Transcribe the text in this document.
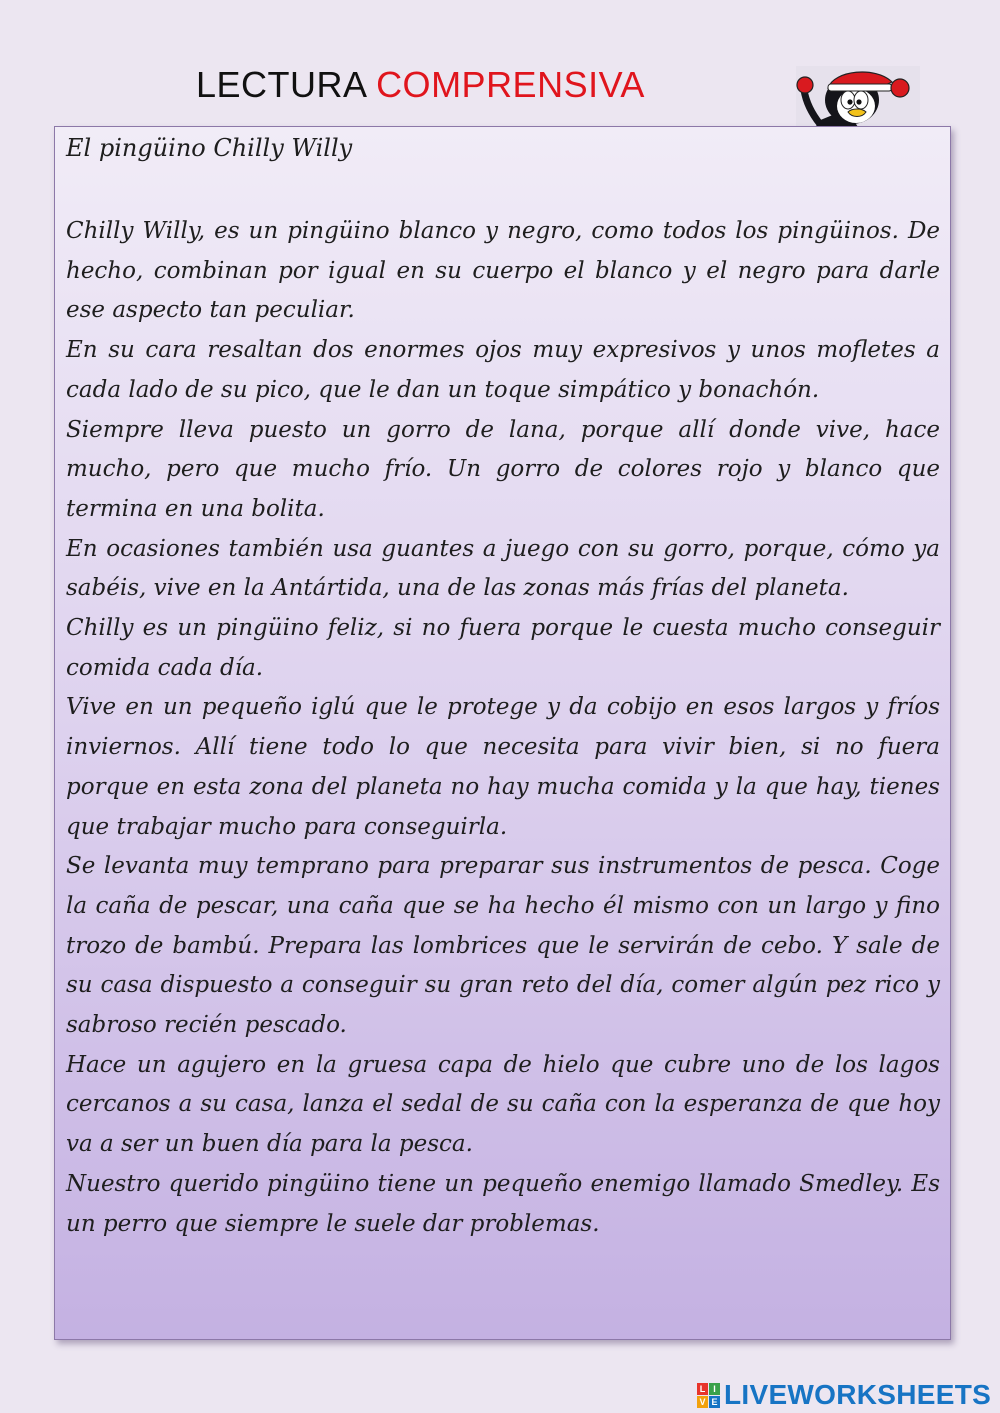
LECTURA COMPRENSIVA
El pingüino Chilly Willy

Chilly Willy, es un pingüino blanco y negro, como todos los pingüinos. De hecho, combinan por igual en su cuerpo el blanco y el negro para darle ese aspecto tan peculiar.

En su cara resaltan dos enormes ojos muy expresivos y unos mofletes a cada lado de su pico, que le dan un toque simpático y bonachón.

Siempre lleva puesto un gorro de lana, porque allí donde vive, hace mucho, pero que mucho frío. Un gorro de colores rojo y blanco que termina en una bolita.

En ocasiones también usa guantes a juego con su gorro, porque, cómo ya sabéis, vive en la Antártida, una de las zonas más frías del planeta.

Chilly es un pingüino feliz, si no fuera porque le cuesta mucho conseguir comida cada día.

Vive en un pequeño iglú que le protege y da cobijo en esos largos y fríos inviernos. Allí tiene todo lo que necesita para vivir bien, si no fuera porque en esta zona del planeta no hay mucha comida y la que hay, tienes que trabajar mucho para conseguirla.

Se levanta muy temprano para preparar sus instrumentos de pesca. Coge la caña de pescar, una caña que se ha hecho él mismo con un largo y fino trozo de bambú. Prepara las lombrices que le servirán de cebo. Y sale de su casa dispuesto a conseguir su gran reto del día, comer algún pez rico y sabroso recién pescado.

Hace un agujero en la gruesa capa de hielo que cubre uno de los lagos cercanos a su casa, lanza el sedal de su caña con la esperanza de que hoy va a ser un buen día para la pesca.

Nuestro querido pingüino tiene un pequeño enemigo llamado Smedley. Es un perro que siempre le suele dar problemas.

L I
V E LIVEWORKSHEETS
